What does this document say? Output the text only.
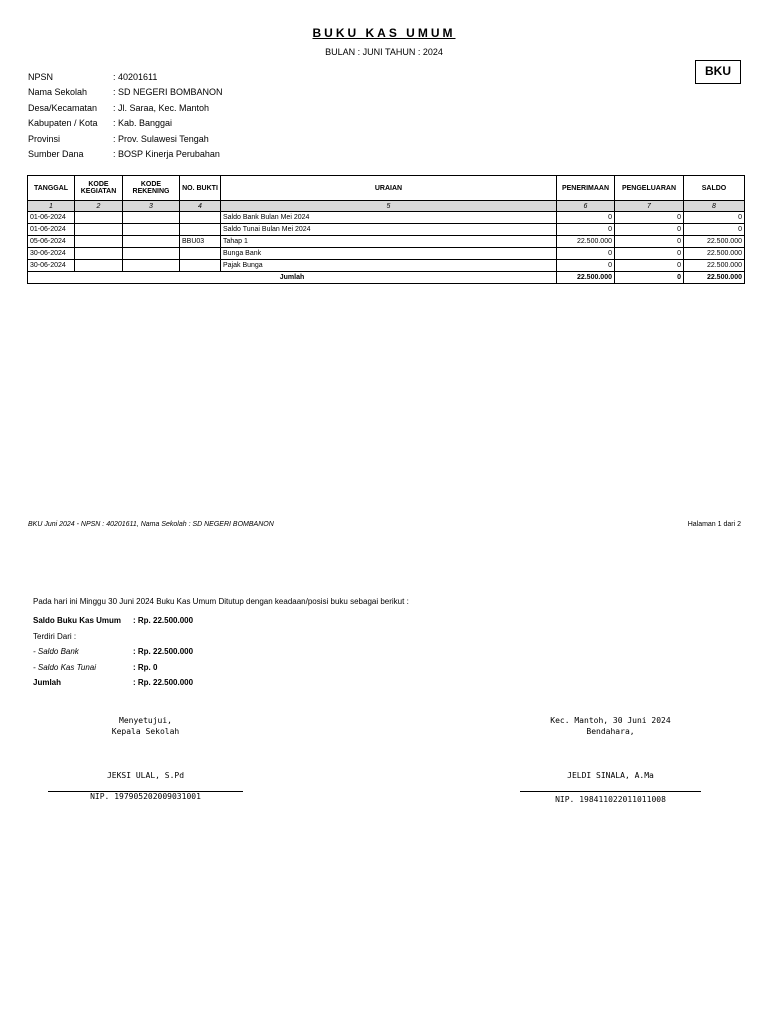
BUKU KAS UMUM
BULAN : JUNI TAHUN : 2024
BKU
NPSN	: 40201611
Nama Sekolah	: SD NEGERI BOMBANON
Desa/Kecamatan	: Jl. Saraa, Kec. Mantoh
Kabupaten / Kota	: Kab. Banggai
Provinsi	: Prov. Sulawesi Tengah
Sumber Dana	: BOSP Kinerja Perubahan
TANGGAL	KODE KEGIATAN	KODE REKENING	NO. BUKTI	URAIAN	PENERIMAAN	PENGELUARAN	SALDO
1	2	3	4	5	6	7	8
01-06-2024				Saldo Bank Bulan Mei 2024	0	0	0
01-06-2024				Saldo Tunai Bulan Mei 2024	0	0	0
05-06-2024			BBU03	Tahap 1	22.500.000	0	22.500.000
30-06-2024				Bunga Bank	0	0	22.500.000
30-06-2024				Pajak Bunga	0	0	22.500.000
Jumlah					22.500.000	0	22.500.000
BKU Juni 2024 - NPSN : 40201611, Nama Sekolah : SD NEGERI BOMBANON	Halaman 1 dari 2
Pada hari ini Minggu 30 Juni 2024 Buku Kas Umum Ditutup dengan keadaan/posisi buku sebagai berikut :
Saldo Buku Kas Umum	: Rp. 22.500.000
Terdiri Dari :
- Saldo Bank	: Rp. 22.500.000
- Saldo Kas Tunai	: Rp. 0
Jumlah	: Rp. 22.500.000
Menyetujui,
Kepala Sekolah
JEKSI ULAL, S.Pd
NIP. 197905202009031001
Kec. Mantoh, 30 Juni 2024
Bendahara,
JELDI SINALA, A.Ma
NIP. 198411022011011008
